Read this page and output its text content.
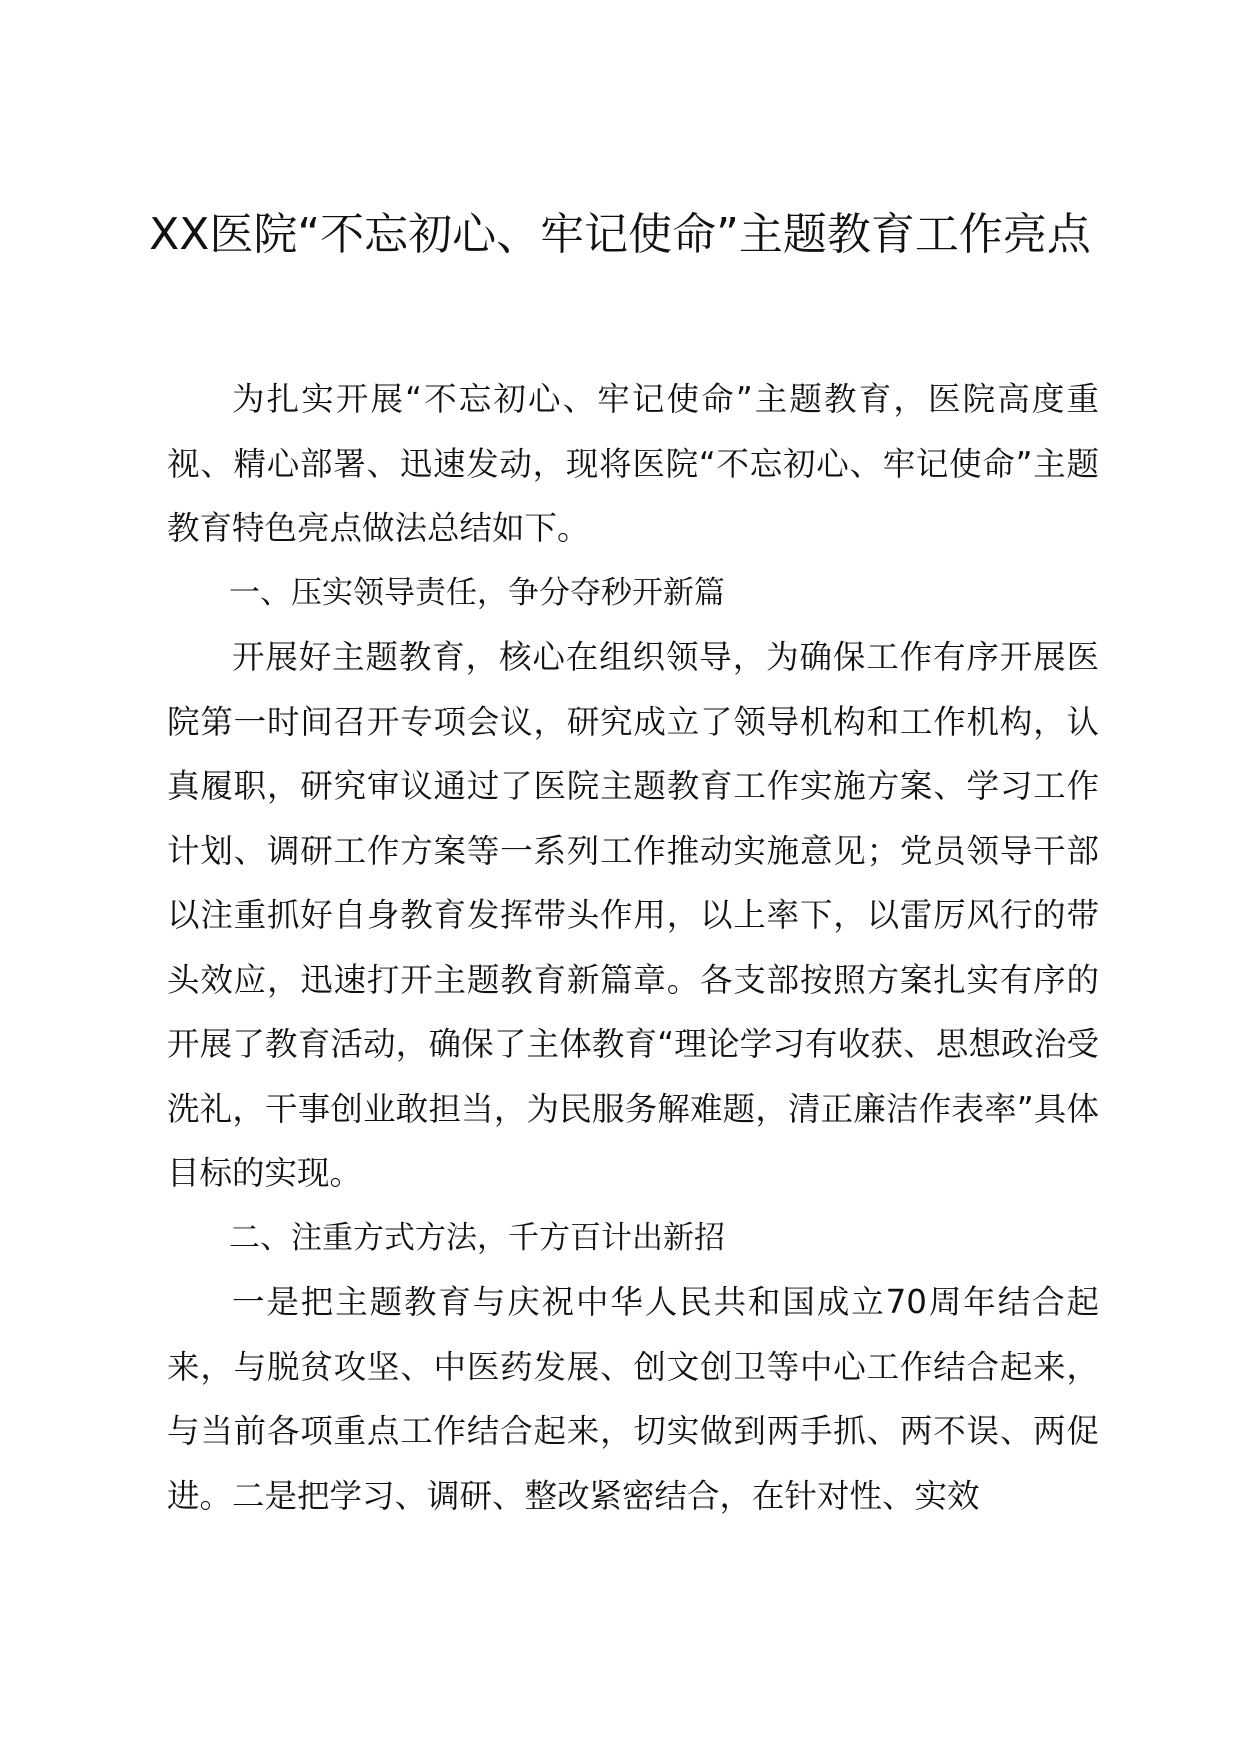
XX医院“不忘初心、牢记使命”主题教育工作亮点

为扎实开展“不忘初心、牢记使命”主题教育，医院高度重视、精心部署、迅速发动，现将医院“不忘初心、牢记使命”主题教育特色亮点做法总结如下。

一、压实领导责任，争分夺秒开新篇

开展好主题教育，核心在组织领导，为确保工作有序开展医院第一时间召开专项会议，研究成立了领导机构和工作机构，认真履职，研究审议通过了医院主题教育工作实施方案、学习工作计划、调研工作方案等一系列工作推动实施意见；党员领导干部以注重抓好自身教育发挥带头作用，以上率下，以雷厉风行的带头效应，迅速打开主题教育新篇章。各支部按照方案扎实有序的开展了教育活动，确保了主体教育“理论学习有收获、思想政治受洗礼，干事创业敢担当，为民服务解难题，清正廉洁作表率”具体目标的实现。

二、注重方式方法，千方百计出新招

一是把主题教育与庆祝中华人民共和国成立70周年结合起来，与脱贫攻坚、中医药发展、创文创卫等中心工作结合起来，与当前各项重点工作结合起来，切实做到两手抓、两不误、两促进。二是把学习、调研、整改紧密结合，在针对性、实效
